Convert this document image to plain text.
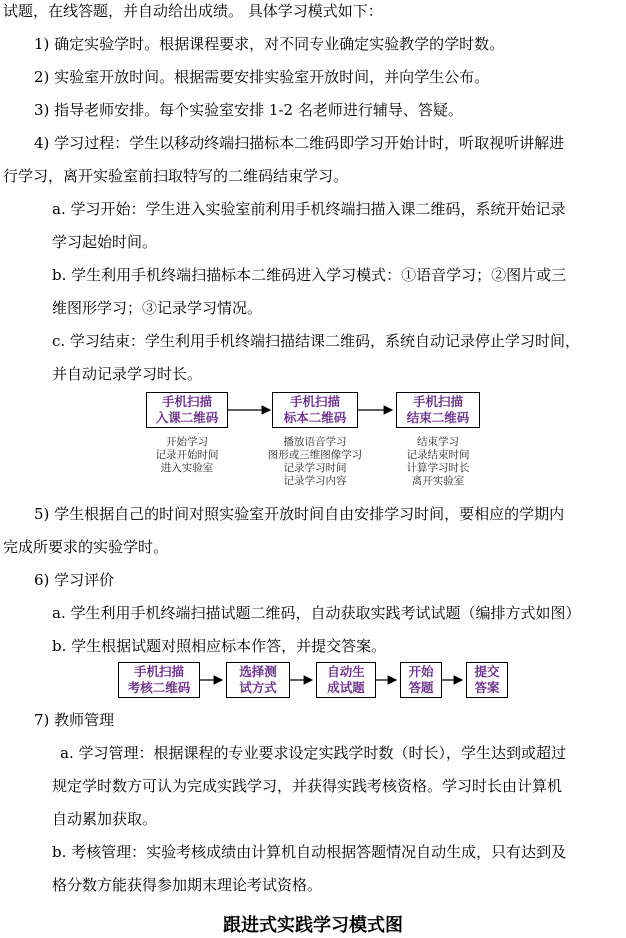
试题，在线答题，并自动给出成绩。 具体学习模式如下：
1) 确定实验学时。根据课程要求，对不同专业确定实验教学的学时数。
2) 实验室开放时间。根据需要安排实验室开放时间，并向学生公布。
3) 指导老师安排。每个实验室安排 1-2 名老师进行辅导、答疑。
4) 学习过程：学生以移动终端扫描标本二维码即学习开始计时，听取视听讲解进
行学习，离开实验室前扫取特写的二维码结束学习。
a. 学习开始：学生进入实验室前利用手机终端扫描入课二维码，系统开始记录
学习起始时间。
b. 学生利用手机终端扫描标本二维码进入学习模式：①语音学习；②图片或三
维图形学习；③记录学习情况。
c. 学习结束：学生利用手机终端扫描结课二维码，系统自动记录停止学习时间，
并自动记录学习时长。
手机扫描
入课二维码
手机扫描
标本二维码
手机扫描
结束二维码
开始学习
记录开始时间
进入实验室
播放语音学习
图形或三维图像学习
记录学习时间
记录学习内容
结束学习
记录结束时间
计算学习时长
离开实验室
5) 学生根据自己的时间对照实验室开放时间自由安排学习时间，要相应的学期内
完成所要求的实验学时。
6) 学习评价
a. 学生利用手机终端扫描试题二维码，自动获取实践考试试题（编排方式如图）
b. 学生根据试题对照相应标本作答，并提交答案。
手机扫描
考核二维码
选择测
试方式
自动生
成试题
开始
答题
提交
答案
7) 教师管理
a. 学习管理：根据课程的专业要求设定实践学时数（时长），学生达到或超过
规定学时数方可认为完成实践学习，并获得实践考核资格。学习时长由计算机
自动累加获取。
b. 考核管理：实验考核成绩由计算机自动根据答题情况自动生成，只有达到及
格分数方能获得参加期末理论考试资格。
跟进式实践学习模式图
